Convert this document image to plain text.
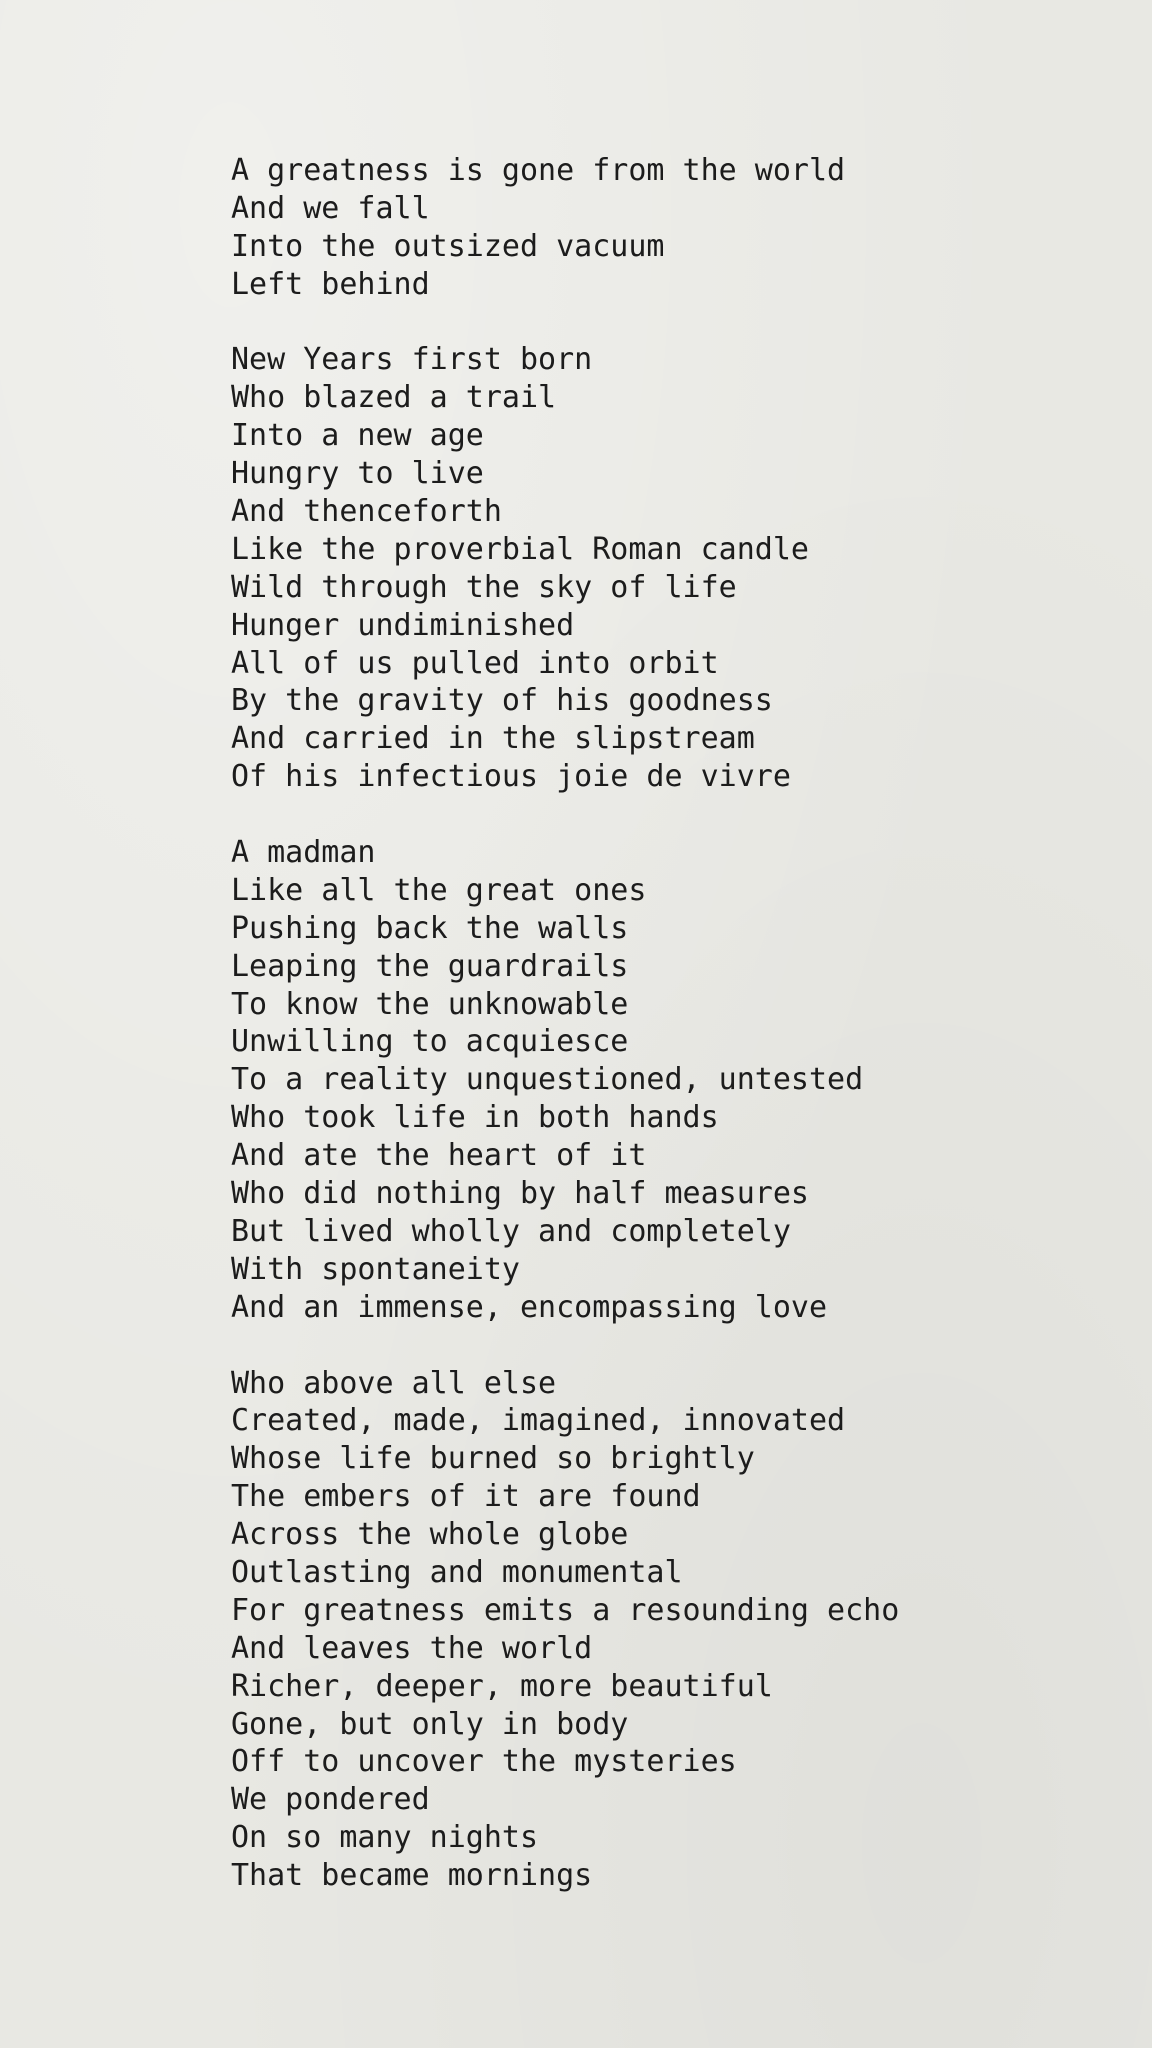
A greatness is gone from the world
And we fall
Into the outsized vacuum
Left behind
New Years first born
Who blazed a trail
Into a new age
Hungry to live
And thenceforth
Like the proverbial Roman candle
Wild through the sky of life
Hunger undiminished
All of us pulled into orbit
By the gravity of his goodness
And carried in the slipstream
Of his infectious joie de vivre
A madman
Like all the great ones
Pushing back the walls
Leaping the guardrails
To know the unknowable
Unwilling to acquiesce
To a reality unquestioned, untested
Who took life in both hands
And ate the heart of it
Who did nothing by half measures
But lived wholly and completely
With spontaneity
And an immense, encompassing love
Who above all else
Created, made, imagined, innovated
Whose life burned so brightly
The embers of it are found
Across the whole globe
Outlasting and monumental
For greatness emits a resounding echo
And leaves the world
Richer, deeper, more beautiful
Gone, but only in body
Off to uncover the mysteries
We pondered
On so many nights
That became mornings
